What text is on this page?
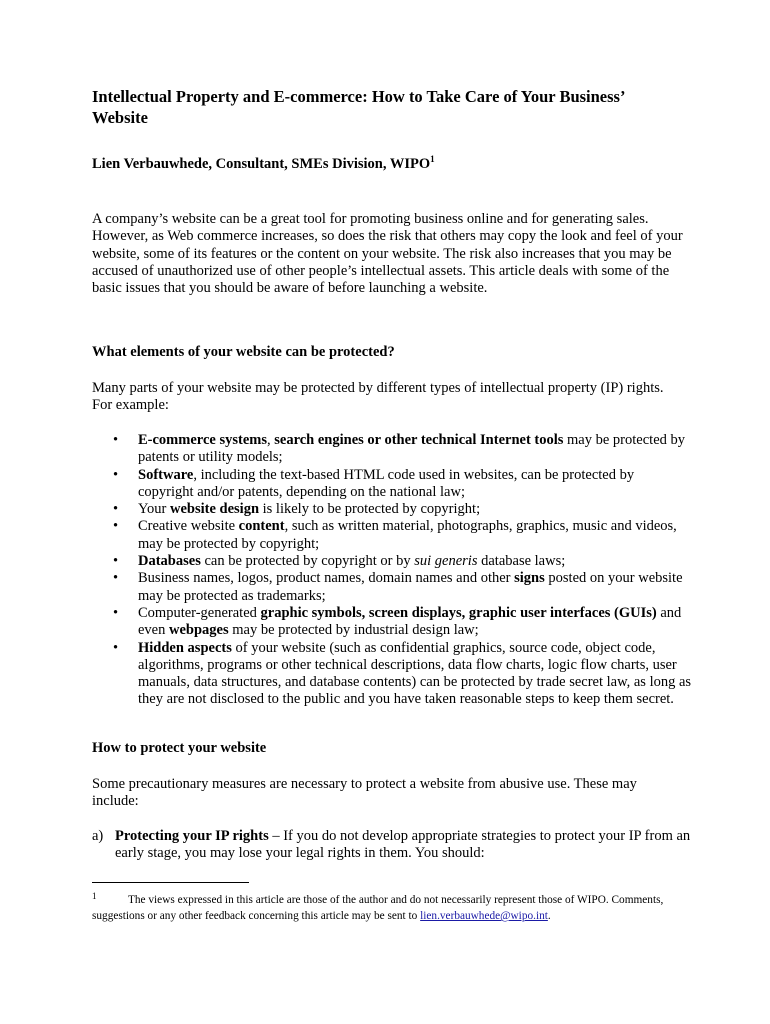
Intellectual Property and E-commerce: How to Take Care of Your Business’ Website

Lien Verbauwhede, Consultant, SMEs Division, WIPO$^1$

A company’s website can be a great tool for promoting business online and for generating sales. However, as Web commerce increases, so does the risk that others may copy the look and feel of your website, some of its features or the content on your website. The risk also increases that you may be accused of unauthorized use of other people’s intellectual assets. This article deals with some of the basic issues that you should be aware of before launching a website.

What elements of your website can be protected?

Many parts of your website may be protected by different types of intellectual property (IP) rights. For example:

• E-commerce systems, search engines or other technical Internet tools may be protected by patents or utility models;
• Software, including the text-based HTML code used in websites, can be protected by copyright and/or patents, depending on the national law;
• Your website design is likely to be protected by copyright;
• Creative website content, such as written material, photographs, graphics, music and videos, may be protected by copyright;
• Databases can be protected by copyright or by sui generis database laws;
• Business names, logos, product names, domain names and other signs posted on your website may be protected as trademarks;
• Computer-generated graphic symbols, screen displays, graphic user interfaces (GUIs) and even webpages may be protected by industrial design law;
• Hidden aspects of your website (such as confidential graphics, source code, object code, algorithms, programs or other technical descriptions, data flow charts, logic flow charts, user manuals, data structures, and database contents) can be protected by trade secret law, as long as they are not disclosed to the public and you have taken reasonable steps to keep them secret.

How to protect your website

Some precautionary measures are necessary to protect a website from abusive use. These may include:

a) Protecting your IP rights – If you do not develop appropriate strategies to protect your IP from an early stage, you may lose your legal rights in them. You should:

1	The views expressed in this article are those of the author and do not necessarily represent those of WIPO. Comments, suggestions or any other feedback concerning this article may be sent to lien.verbauwhede@wipo.int.
